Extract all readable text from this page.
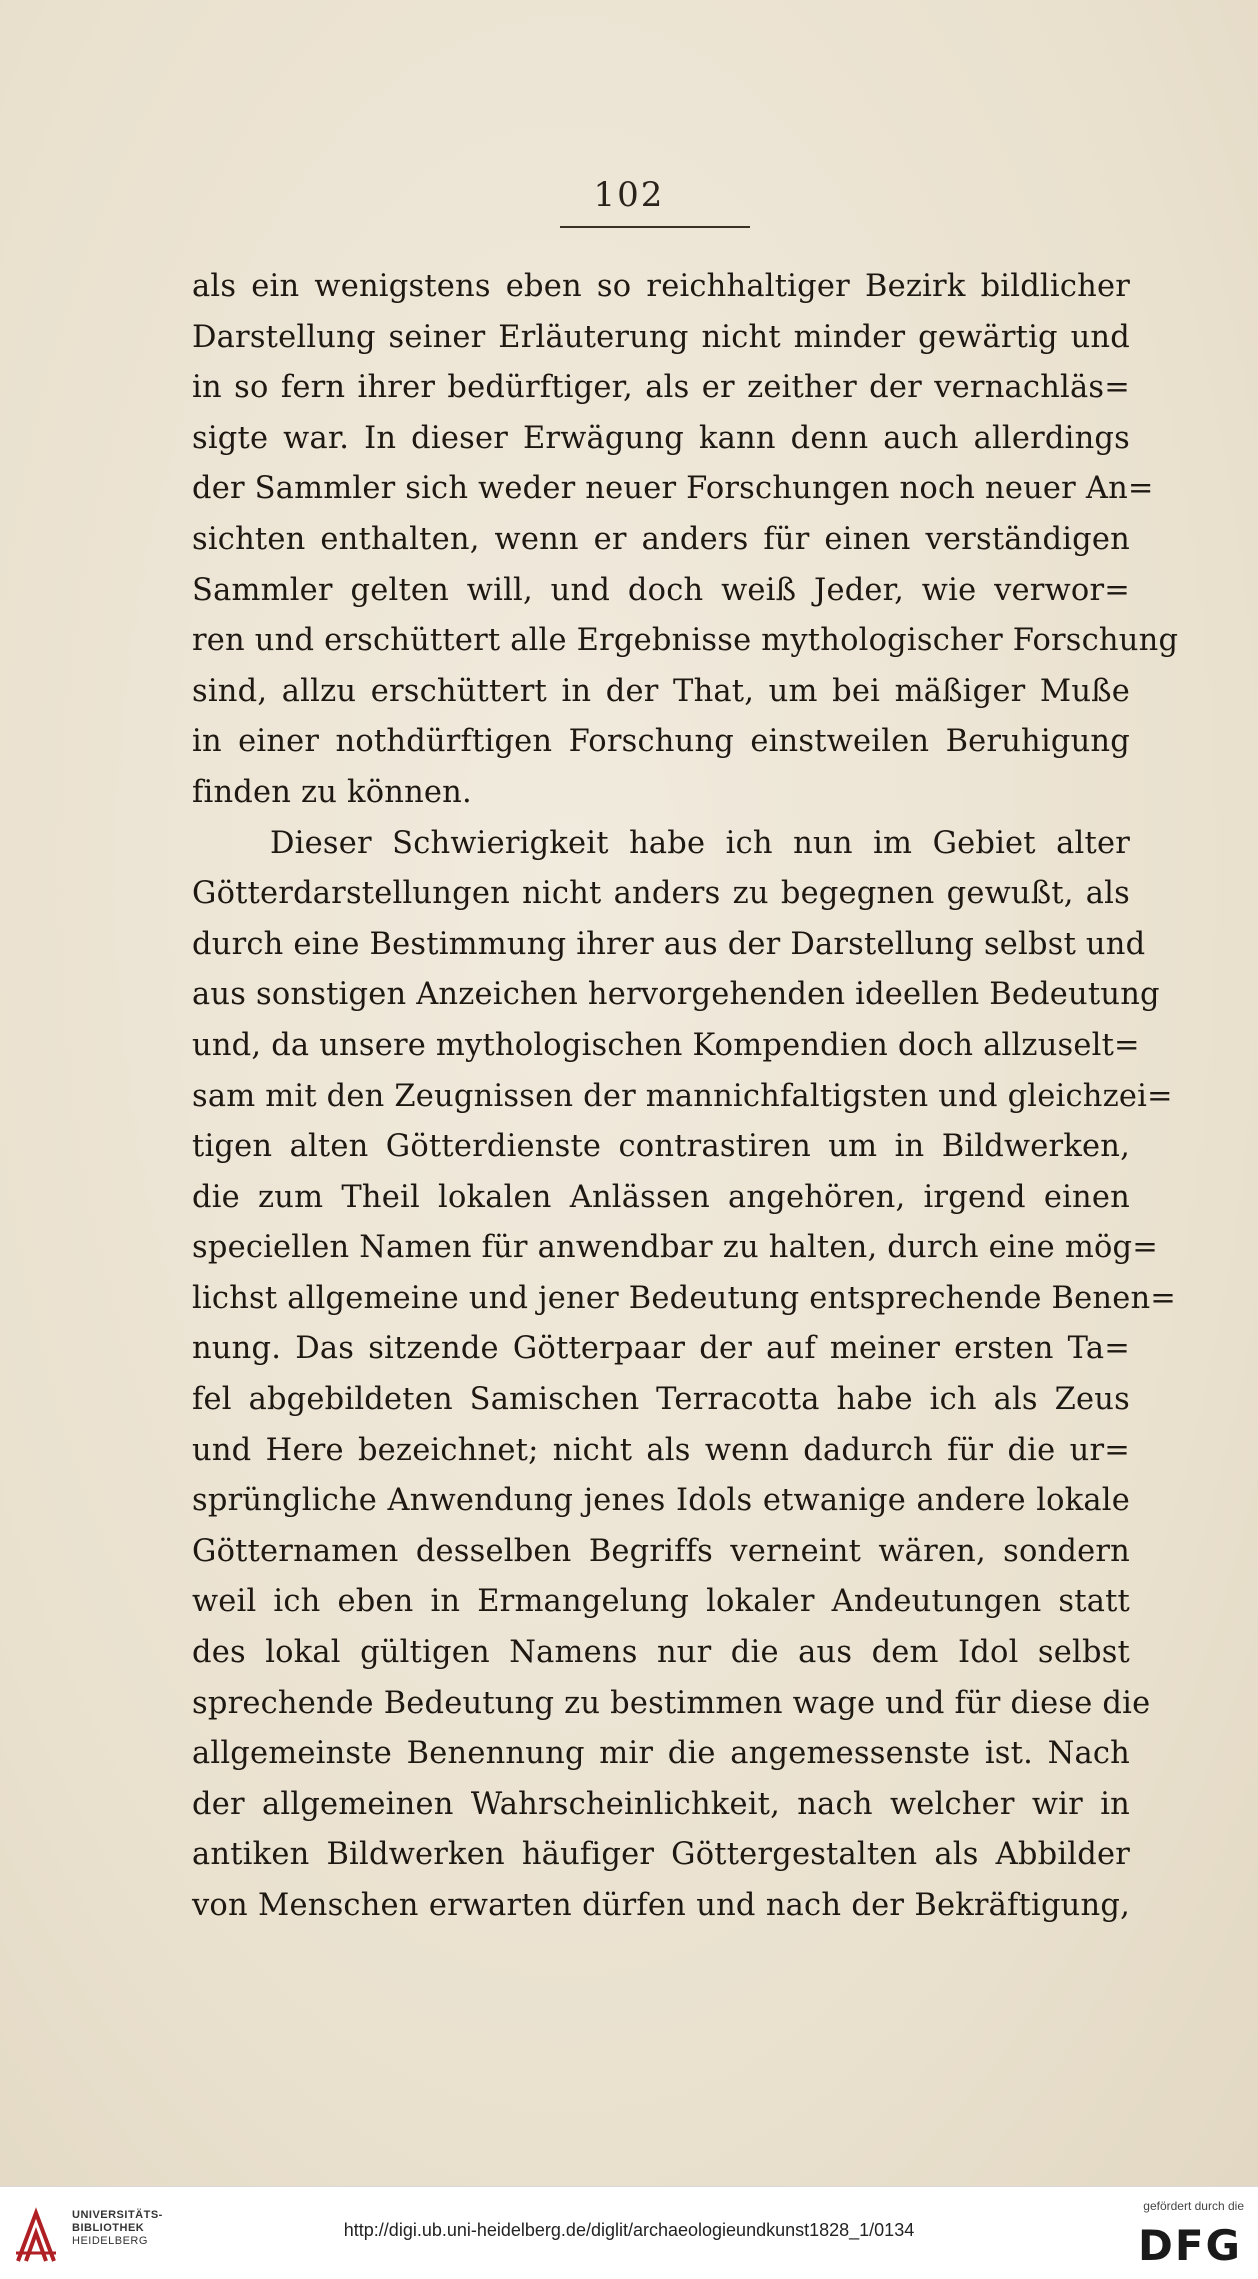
102
als ein wenigstens eben so reichhaltiger Bezirk bildlicher
Darstellung seiner Erläuterung nicht minder gewärtig und
in so fern ihrer bedürftiger, als er zeither der vernachläs=
sigte war. In dieser Erwägung kann denn auch allerdings
der Sammler sich weder neuer Forschungen noch neuer An=
sichten enthalten, wenn er anders für einen verständigen
Sammler gelten will, und doch weiß Jeder, wie verwor=
ren und erschüttert alle Ergebnisse mythologischer Forschung
sind, allzu erschüttert in der That, um bei mäßiger Muße
in einer nothdürftigen Forschung einstweilen Beruhigung
finden zu können.
Dieser Schwierigkeit habe ich nun im Gebiet alter
Götterdarstellungen nicht anders zu begegnen gewußt, als
durch eine Bestimmung ihrer aus der Darstellung selbst und
aus sonstigen Anzeichen hervorgehenden ideellen Bedeutung
und, da unsere mythologischen Kompendien doch allzuselt=
sam mit den Zeugnissen der mannichfaltigsten und gleichzei=
tigen alten Götterdienste contrastiren um in Bildwerken,
die zum Theil lokalen Anlässen angehören, irgend einen
speciellen Namen für anwendbar zu halten, durch eine mög=
lichst allgemeine und jener Bedeutung entsprechende Benen=
nung. Das sitzende Götterpaar der auf meiner ersten Ta=
fel abgebildeten Samischen Terracotta habe ich als Zeus
und Here bezeichnet; nicht als wenn dadurch für die ur=
sprüngliche Anwendung jenes Idols etwanige andere lokale
Götternamen desselben Begriffs verneint wären, sondern
weil ich eben in Ermangelung lokaler Andeutungen statt
des lokal gültigen Namens nur die aus dem Idol selbst
sprechende Bedeutung zu bestimmen wage und für diese die
allgemeinste Benennung mir die angemessenste ist. Nach
der allgemeinen Wahrscheinlichkeit, nach welcher wir in
antiken Bildwerken häufiger Göttergestalten als Abbilder
von Menschen erwarten dürfen und nach der Bekräftigung,
UNIVERSITÄTS-
BIBLIOTHEK
HEIDELBERG
http://digi.ub.uni-heidelberg.de/diglit/archaeologieundkunst1828_1/0134
gefördert durch die
DFG
